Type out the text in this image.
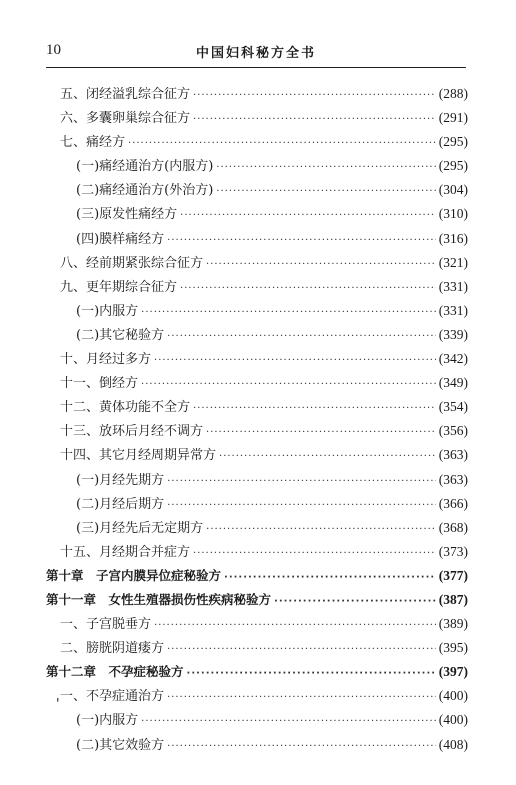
10	中国妇科秘方全书
五、闭经溢乳综合征方 ·····	(288)
六、多囊卵巢综合征方 ·····	(291)
七、痛经方 ·····	(295)
(一)痛经通治方(内服方) ·····	(295)
(二)痛经通治方(外治方) ·····	(304)
(三)原发性痛经方 ·····	(310)
(四)膜样痛经方 ·····	(316)
八、经前期紧张综合征方 ·····	(321)
九、更年期综合征方 ·····	(331)
(一)内服方 ·····	(331)
(二)其它秘验方 ·····	(339)
十、月经过多方 ·····	(342)
十一、倒经方 ·····	(349)
十二、黄体功能不全方 ·····	(354)
十三、放环后月经不调方 ·····	(356)
十四、其它月经周期异常方 ·····	(363)
(一)月经先期方 ·····	(363)
(二)月经后期方 ·····	(366)
(三)月经先后无定期方 ·····	(368)
十五、月经期合并症方 ·····	(373)
第十章　子宫内膜异位症秘验方 ·····	(377)
第十一章　女性生殖器损伤性疾病秘验方 ·····	(387)
一、子宫脱垂方 ·····	(389)
二、膀胱阴道瘘方 ·····	(395)
第十二章　不孕症秘验方 ·····	(397)
一、不孕症通治方 ·····	(400)
(一)内服方 ·····	(400)
(二)其它效验方 ·····	(408)
'
